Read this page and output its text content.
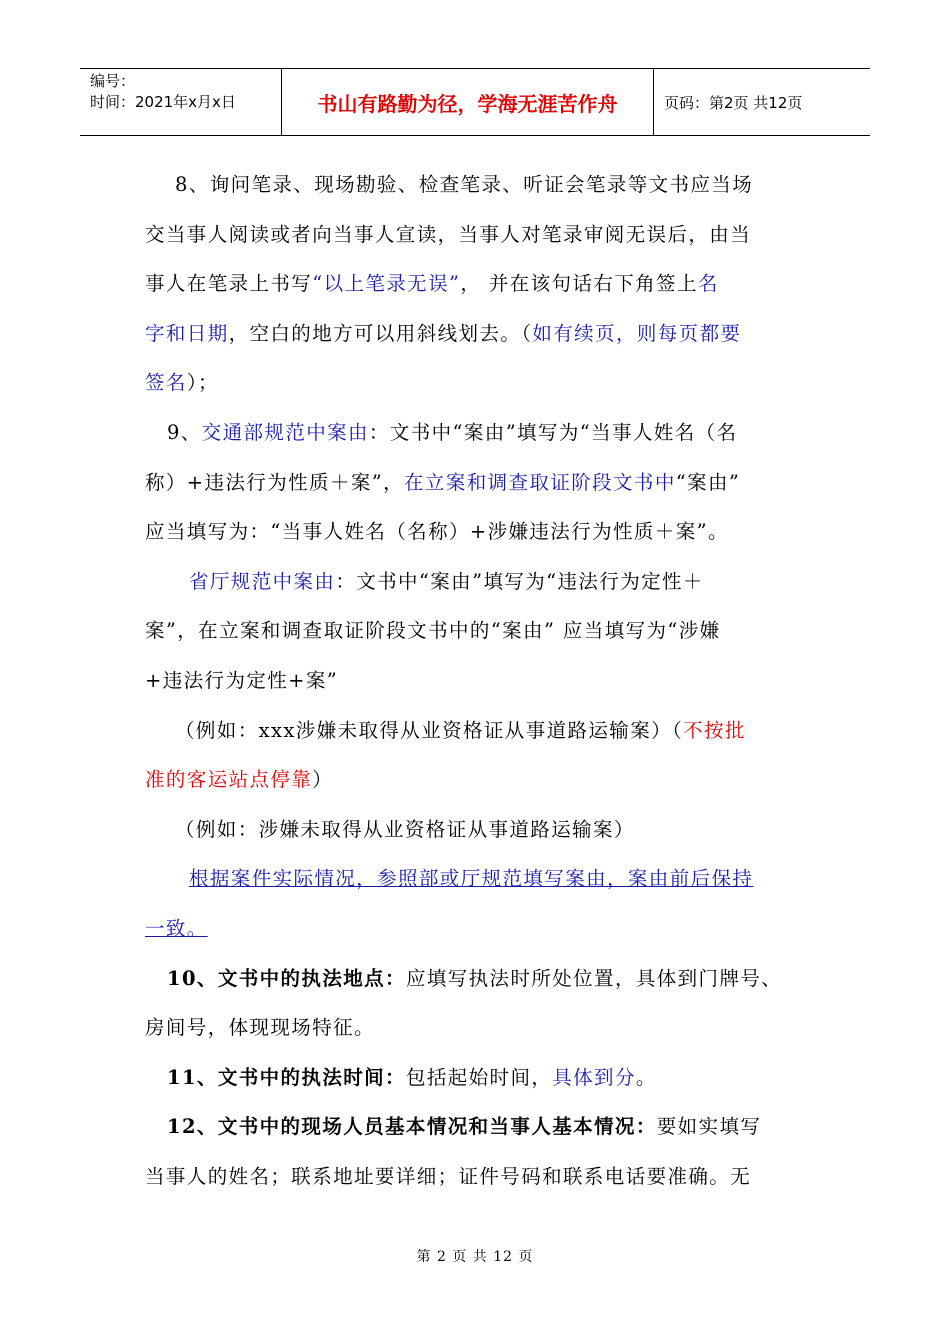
编号：
时间：2021年x月x日	书山有路勤为径，学海无涯苦作舟	页码：第2页 共12页
8、询问笔录、现场勘验、检查笔录、听证会笔录等文书应当场
交当事人阅读或者向当事人宣读，当事人对笔录审阅无误后，由当
事人在笔录上书写“以上笔录无误”， 并在该句话右下角签上名
字和日期，空白的地方可以用斜线划去。（如有续页，则每页都要
签名）；
9、交通部规范中案由：文书中“案由”填写为“当事人姓名（名
称）+违法行为性质＋案”，在立案和调查取证阶段文书中“案由”
应当填写为：“当事人姓名（名称）+涉嫌违法行为性质＋案”。
省厅规范中案由：文书中“案由”填写为“违法行为定性＋
案”，在立案和调查取证阶段文书中的“案由” 应当填写为“涉嫌
+违法行为定性+案”
（例如：xxx涉嫌未取得从业资格证从事道路运输案）（不按批
准的客运站点停靠）
（例如：涉嫌未取得从业资格证从事道路运输案）
根据案件实际情况，参照部或厅规范填写案由，案由前后保持
一致。
10、文书中的执法地点：应填写执法时所处位置，具体到门牌号、
房间号，体现现场特征。
11、文书中的执法时间：包括起始时间，具体到分。
12、文书中的现场人员基本情况和当事人基本情况：要如实填写
当事人的姓名；联系地址要详细；证件号码和联系电话要准确。无
第 2 页 共 12 页
